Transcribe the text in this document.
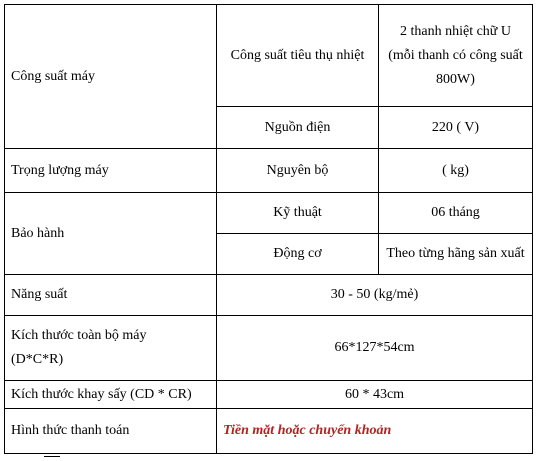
Công suất máy	Công suất tiêu thụ nhiệt	2 thanh nhiệt chữ U
(mỗi thanh có công suất
800W)

	Nguồn điện	220 ( V)
Trọng lượng máy	Nguyên bộ	( kg)
Bảo hành	Kỹ thuật	06 tháng
	Động cơ	Theo từng hãng sản xuất
Năng suất	30 - 50 (kg/mẻ)	

Kích thước toàn bộ máy
(D*C*R)	66*127*54cm	
Kích thước khay sấy (CD * CR)	60 * 43cm	
Hình thức thanh toán	Tiền mặt hoặc chuyển khoản	
